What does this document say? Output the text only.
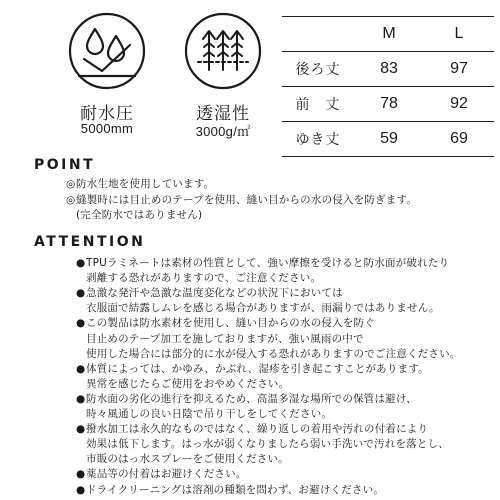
耐水圧
5000mm
透湿性
3000g/㎡
	M	L
後ろ丈	83	97
前　丈	78	92
ゆき丈	59	69
POINT
◎防水生地を使用しています。
◎縫製時には目止めのテープを使用、縫い目からの水の侵入を防ぎます。
(完全防水ではありません)
ATTENTION
●TPUラミネートは素材の性質として、強い摩擦を受けると防水面が破れたり
剥離する恐れがありますので、ご注意ください。
●急激な発汗や急激な温度変化などの状況下においては
衣服面で結露しムレを感じる場合がありますが、雨漏りではありません。
●この製品は防水素材を使用し、縫い目からの水の侵入を防ぐ
目止めのテープ加工を施しておりますが、強い風雨の中で
使用した場合には部分的に水が侵入する恐れがありますのでご注意ください。
●体質によっては、かゆみ、かぶれ、湿疹を引き起こすことがあります。
異常を感じたらご使用をおやめください。
●防水面の劣化の進行を抑えるため、高温多湿な場所での保管は避け、
時々風通しの良い日陰で吊り干しをしてください。
●撥水加工は永久的なものではなく、繰り返しの着用や汚れの付着により
効果は低下します。はっ水が弱くなりましたら弱い手洗いで汚れを落とし、
市販のはっ水スプレーをご使用ください。
●薬品等の付着はお避けください。
●ドライクリーニングは溶剤の種類を問わず、お避けください。
